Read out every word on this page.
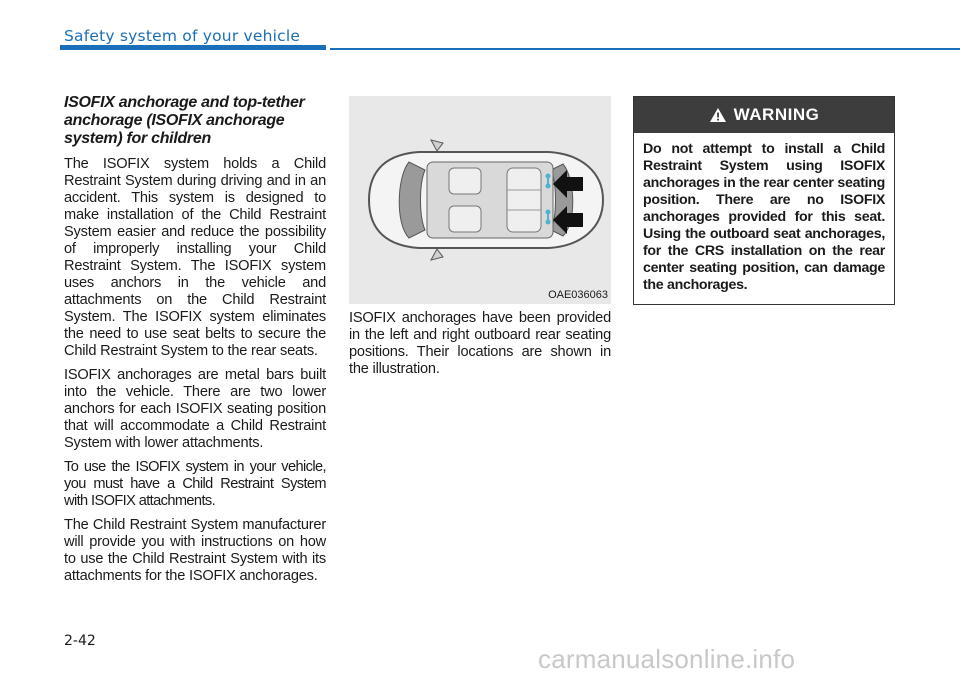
Safety system of your vehicle
ISOFIX anchorage and top-tether anchorage (ISOFIX anchorage system) for children

The ISOFIX system holds a Child Restraint System during driving and in an accident. This system is designed to make installation of the Child Restraint System easier and reduce the possibility of improperly installing your Child Restraint System. The ISOFIX system uses anchors in the vehicle and attachments on the Child Restraint System. The ISOFIX system eliminates the need to use seat belts to secure the Child Restraint System to the rear seats.

ISOFIX anchorages are metal bars built into the vehicle. There are two lower anchors for each ISOFIX seating position that will accommodate a Child Restraint System with lower attachments.

To use the ISOFIX system in your vehicle, you must have a Child Restraint System with ISOFIX attachments.

The Child Restraint System manufacturer will provide you with instructions on how to use the Child Restraint System with its attachments for the ISOFIX anchorages.

OAE036063

ISOFIX anchorages have been provided in the left and right outboard rear seating positions. Their locations are shown in the illustration.

WARNING
Do not attempt to install a Child Restraint System using ISOFIX anchorages in the rear center seating position. There are no ISOFIX anchorages provided for this seat. Using the outboard seat anchorages, for the CRS installation on the rear center seating position, can damage the anchorages.
2-42
carmanualsonline.info
